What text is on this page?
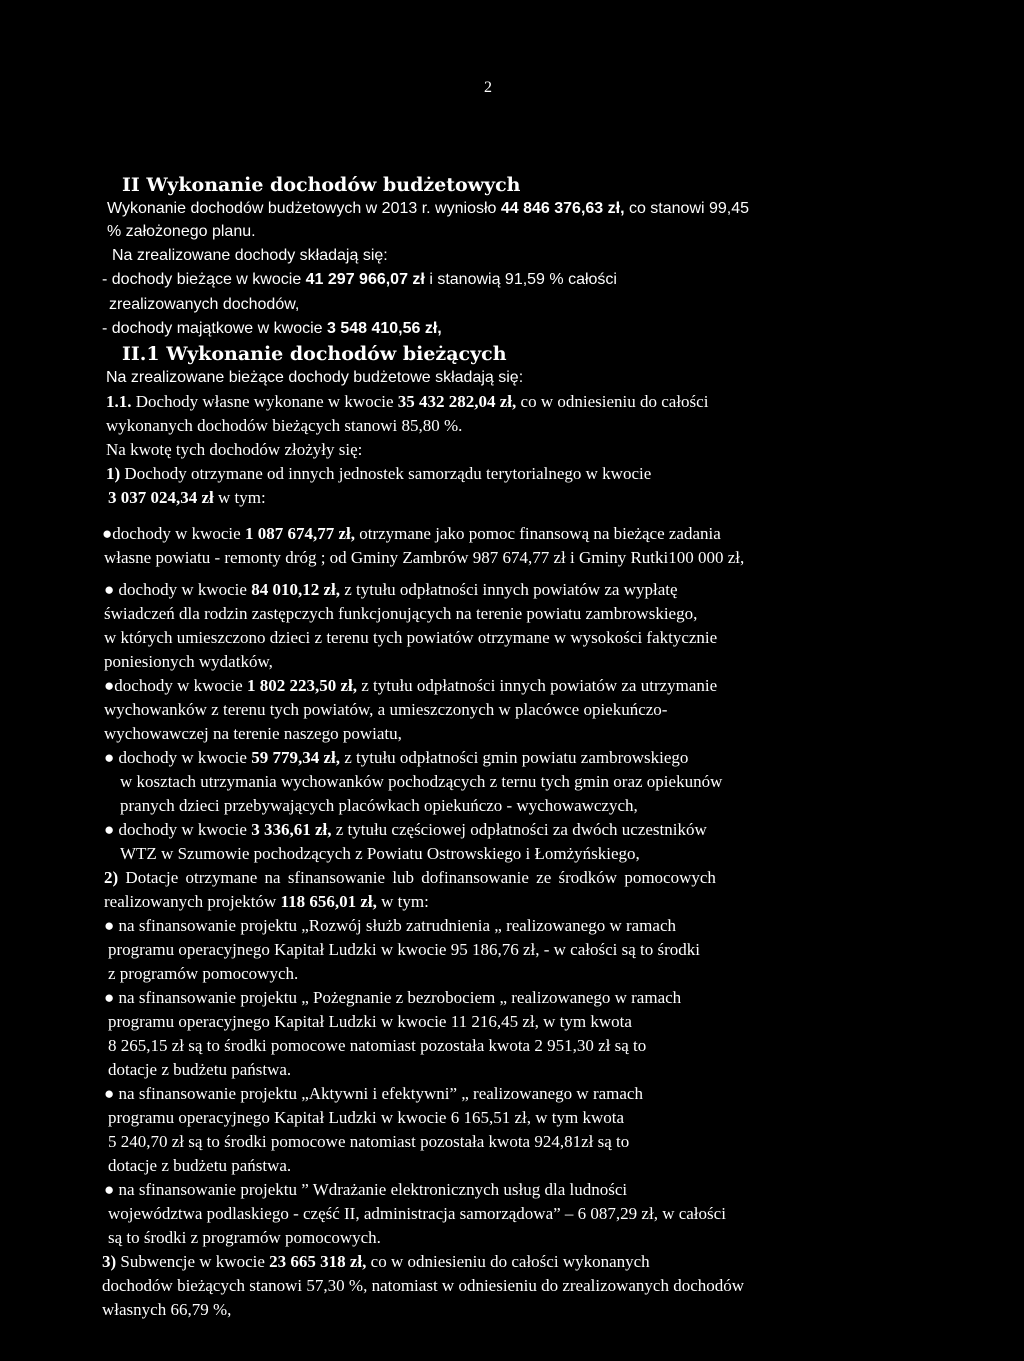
2
II Wykonanie dochodów budżetowych
Wykonanie dochodów budżetowych w 2013 r. wyniosło 44 846 376,63 zł, co stanowi 99,45
% założonego planu.
Na zrealizowane dochody składają się:
- dochody bieżące w kwocie 41 297 966,07 zł i stanowią 91,59 % całości
zrealizowanych dochodów,
- dochody majątkowe w kwocie 3 548 410,56 zł,
II.1 Wykonanie dochodów bieżących
Na zrealizowane bieżące dochody budżetowe składają się:
1.1. Dochody własne wykonane w kwocie 35 432 282,04 zł, co w odniesieniu do całości
wykonanych dochodów bieżących stanowi 85,80 %.
Na kwotę tych dochodów złożyły się:
1) Dochody otrzymane od innych jednostek samorządu terytorialnego w kwocie
3 037 024,34 zł w tym:
●dochody w kwocie 1 087 674,77 zł, otrzymane jako pomoc finansową na bieżące zadania
własne powiatu - remonty dróg ; od Gminy Zambrów 987 674,77 zł i Gminy Rutki100 000 zł,
● dochody w kwocie 84 010,12 zł, z tytułu odpłatności innych powiatów za wypłatę
świadczeń dla rodzin zastępczych funkcjonujących na terenie powiatu zambrowskiego,
w których umieszczono dzieci z terenu tych powiatów otrzymane w wysokości faktycznie
poniesionych wydatków,
●dochody w kwocie 1 802 223,50 zł, z tytułu odpłatności innych powiatów za utrzymanie
wychowanków z terenu tych powiatów, a umieszczonych w placówce opiekuńczo-
wychowawczej na terenie naszego powiatu,
● dochody w kwocie 59 779,34 zł, z tytułu odpłatności gmin powiatu zambrowskiego
w kosztach utrzymania wychowanków pochodzących z ternu tych gmin oraz opiekunów
pranych dzieci przebywających placówkach opiekuńczo - wychowawczych,
● dochody w kwocie 3 336,61 zł, z tytułu częściowej odpłatności za dwóch uczestników
WTZ w Szumowie pochodzących z Powiatu Ostrowskiego i Łomżyńskiego,
2) Dotacje otrzymane na sfinansowanie lub dofinansowanie ze środków pomocowych
realizowanych projektów 118 656,01 zł, w tym:
● na sfinansowanie projektu „Rozwój służb zatrudnienia „ realizowanego w ramach
programu operacyjnego Kapitał Ludzki w kwocie 95 186,76 zł, - w całości są to środki
z programów pomocowych.
● na sfinansowanie projektu „ Pożegnanie z bezrobociem „ realizowanego w ramach
programu operacyjnego Kapitał Ludzki w kwocie 11 216,45 zł, w tym kwota
8 265,15 zł są to środki pomocowe natomiast pozostała kwota 2 951,30 zł są to
dotacje z budżetu państwa.
● na sfinansowanie projektu „Aktywni i efektywni” „ realizowanego w ramach
programu operacyjnego Kapitał Ludzki w kwocie 6 165,51 zł, w tym kwota
5 240,70 zł są to środki pomocowe natomiast pozostała kwota 924,81zł są to
dotacje z budżetu państwa.
● na sfinansowanie projektu ” Wdrażanie elektronicznych usług dla ludności
województwa podlaskiego - część II, administracja samorządowa” – 6 087,29 zł, w całości
są to środki z programów pomocowych.
3) Subwencje w kwocie 23 665 318 zł, co w odniesieniu do całości wykonanych
dochodów bieżących stanowi 57,30 %, natomiast w odniesieniu do zrealizowanych dochodów
własnych 66,79 %,
